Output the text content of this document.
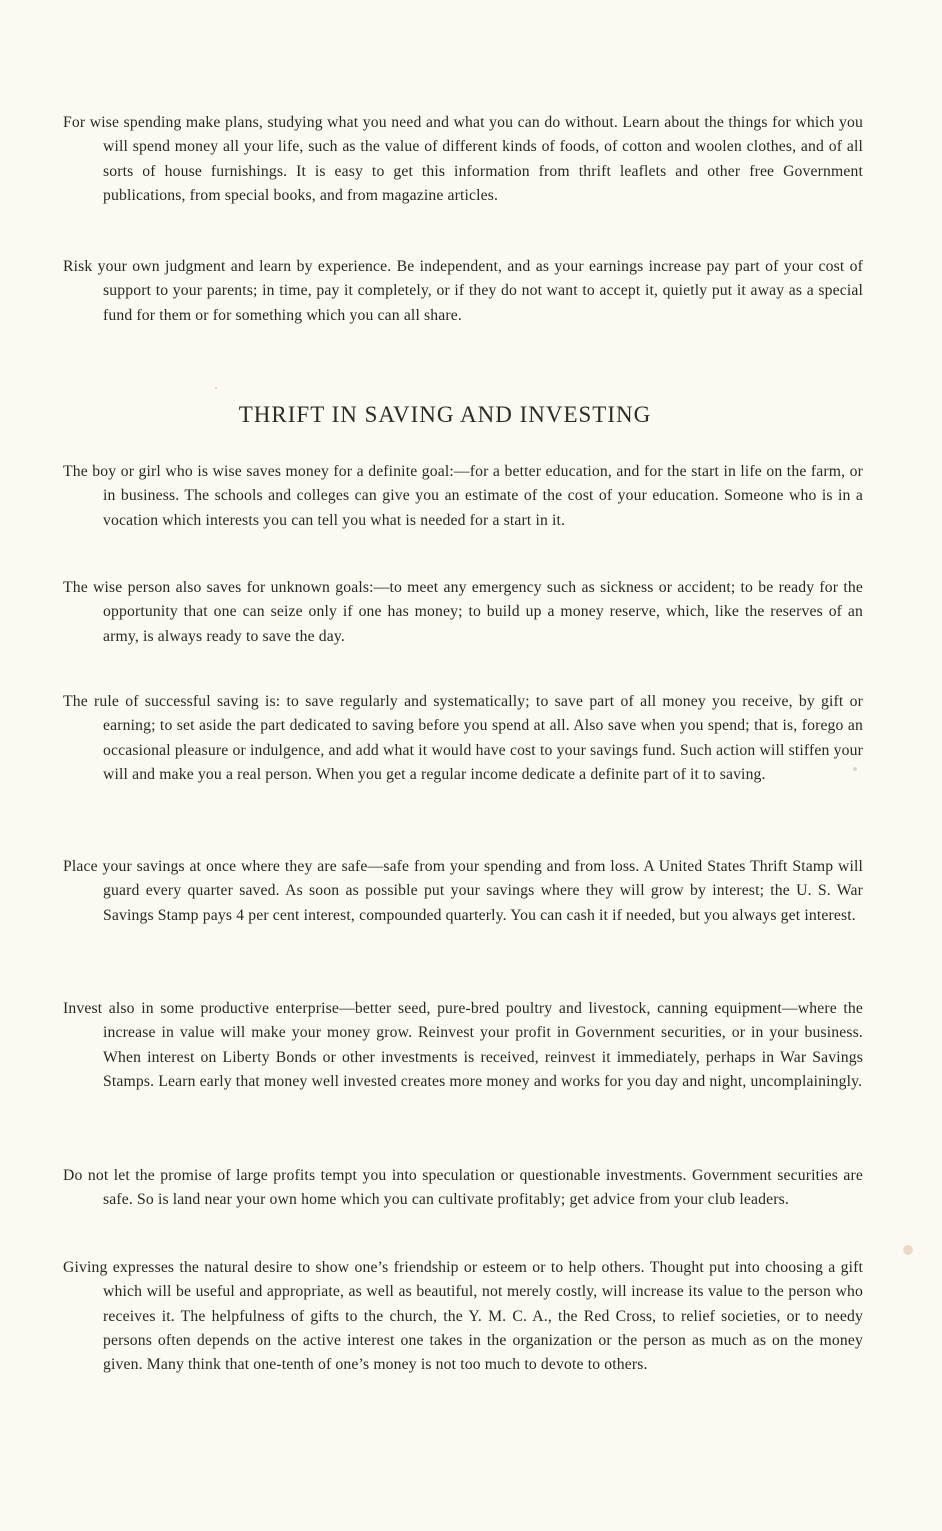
For wise spending make plans, studying what you need and what you can do without. Learn about the things for which you will spend money all your life, such as the value of different kinds of foods, of cotton and woolen clothes, and of all sorts of house furnishings. It is easy to get this information from thrift leaflets and other free Government publications, from special books, and from magazine articles.

Risk your own judgment and learn by experience. Be independent, and as your earnings increase pay part of your cost of support to your parents; in time, pay it completely, or if they do not want to accept it, quietly put it away as a special fund for them or for something which you can all share.

THRIFT IN SAVING AND INVESTING

The boy or girl who is wise saves money for a definite goal:—for a better education, and for the start in life on the farm, or in business. The schools and colleges can give you an estimate of the cost of your education. Someone who is in a vocation which interests you can tell you what is needed for a start in it.

The wise person also saves for unknown goals:—to meet any emergency such as sickness or accident; to be ready for the opportunity that one can seize only if one has money; to build up a money reserve, which, like the reserves of an army, is always ready to save the day.

The rule of successful saving is: to save regularly and systematically; to save part of all money you receive, by gift or earning; to set aside the part dedicated to saving before you spend at all. Also save when you spend; that is, forego an occasional pleasure or indulgence, and add what it would have cost to your savings fund. Such action will stiffen your will and make you a real person. When you get a regular income dedicate a definite part of it to saving.

Place your savings at once where they are safe—safe from your spending and from loss. A United States Thrift Stamp will guard every quarter saved. As soon as possible put your savings where they will grow by interest; the U. S. War Savings Stamp pays 4 per cent interest, compounded quarterly. You can cash it if needed, but you always get interest.

Invest also in some productive enterprise—better seed, pure-bred poultry and livestock, canning equipment—where the increase in value will make your money grow. Reinvest your profit in Government securities, or in your business. When interest on Liberty Bonds or other investments is received, reinvest it immediately, perhaps in War Savings Stamps. Learn early that money well invested creates more money and works for you day and night, uncomplainingly.

Do not let the promise of large profits tempt you into speculation or questionable investments. Government securities are safe. So is land near your own home which you can cultivate profitably; get advice from your club leaders.

Giving expresses the natural desire to show one’s friendship or esteem or to help others. Thought put into choosing a gift which will be useful and appropriate, as well as beautiful, not merely costly, will increase its value to the person who receives it. The helpfulness of gifts to the church, the Y. M. C. A., the Red Cross, to relief societies, or to needy persons often depends on the active interest one takes in the organization or the person as much as on the money given. Many think that one-tenth of one’s money is not too much to devote to others.
